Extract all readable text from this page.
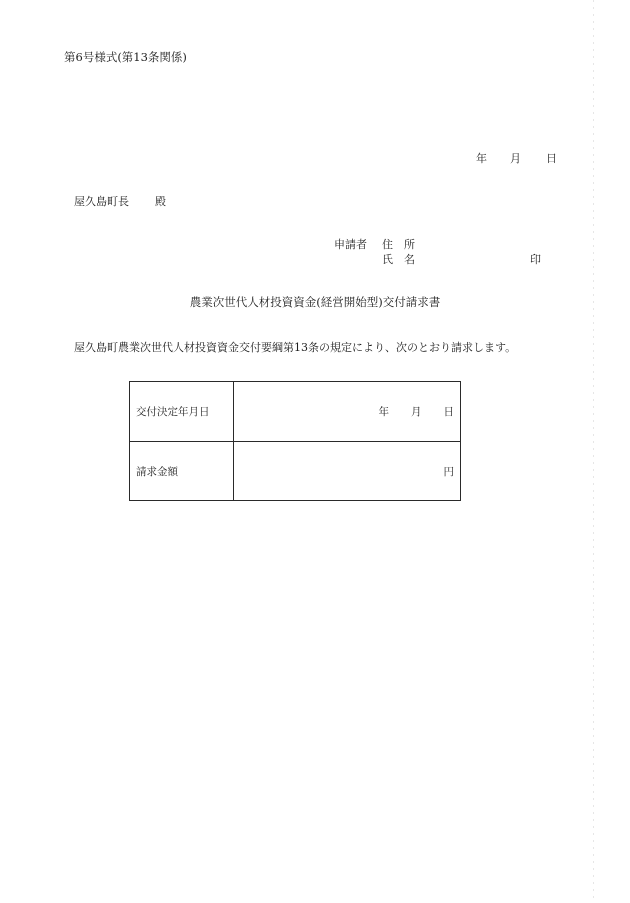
第6号様式(第13条関係)
年 月 日
屋久島町長 殿
申請者 住　所
氏　名	印
農業次世代人材投資資金(経営開始型)交付請求書
屋久島町農業次世代人材投資資金交付要綱第13条の規定により、次のとおり請求します。
交付決定年月日	年 月 日
請求金額	円
